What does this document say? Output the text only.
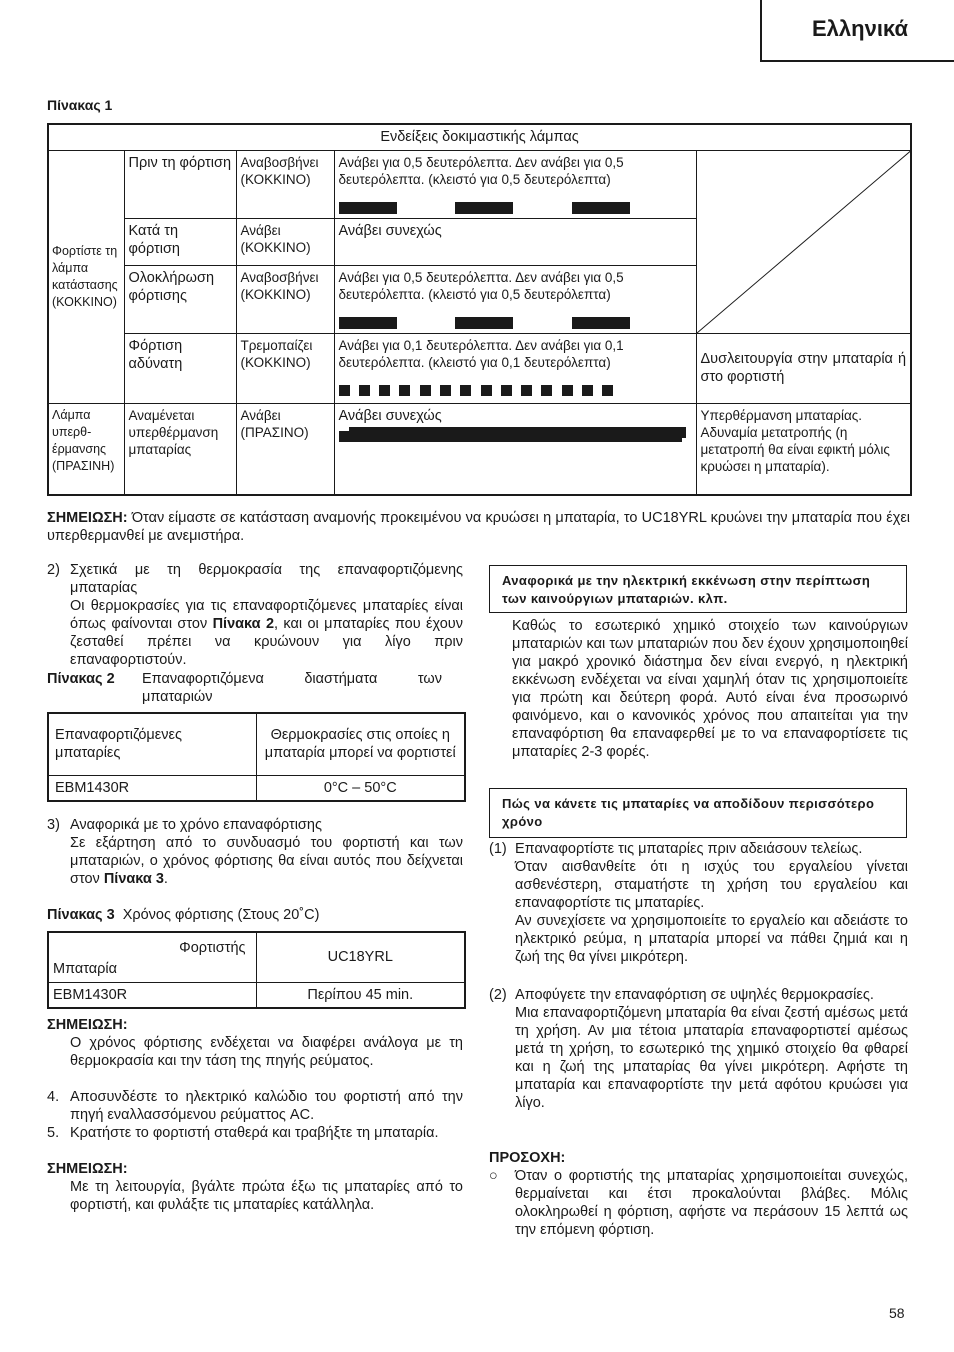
Ελληνικά
Πίνακας 1
Ενδείξεις δοκιμαστικής λάμπας				
Φορτίστε τη λάμπα κατάστασης (ΚΟΚΚΙΝΟ)	Πριν τη φόρτιση	Αναβοσβήνει (ΚΟΚΚΙΝΟ)	Ανάβει για 0,5 δευτερόλεπτα. Δεν ανάβει για 0,5 δευτερόλεπτα. (κλειστό για 0,5 δευτερόλεπτα)

	Κατά τη φόρτιση	Ανάβει (ΚΟΚΚΙΝΟ)	Ανάβει συνεχώς	

	Ολοκλήρωση φόρτισης	Αναβοσβήνει (ΚΟΚΚΙΝΟ)	Ανάβει για 0,5 δευτερόλεπτα. Δεν ανάβει για 0,5 δευτερόλεπτα. (κλειστό για 0,5 δευτερόλεπτα)	

	Φόρτιση αδύνατη	Τρεμοπαίζει (ΚΟΚΚΙΝΟ)	Ανάβει για 0,1 δευτερόλεπτα. Δεν ανάβει για 0,1 δευτερόλεπτα. (κλειστό για 0,1 δευτερόλεπτα)	Δυσλειτουργία στην μπαταρία ή στο φορτιστή
Λάμπα υπερθ-έρμανσης (ΠΡΑΣΙΝΗ)	Αναμένεται υπερθέρμανση μπαταρίας	Ανάβει (ΠΡΑΣΙΝΟ)	Ανάβει συνεχώς	Υπερθέρμανση μπαταρίας. Αδυναμία μετατροπής (η μετατροπή θα είναι εφικτή μόλις κρυώσει η μπαταρία).
ΣΗΜΕΙΩΣΗ: Όταν είμαστε σε κατάσταση αναμονής προκειμένου να κρυώσει η μπαταρία, το UC18YRL κρυώνει την μπαταρία που έχει υπερθερμανθεί με ανεμιστήρα.
2) Σχετικά με τη θερμοκρασία της επαναφορτιζόμενης μπαταρίας
Οι θερμοκρασίες για τις επαναφορτιζόμενες μπαταρίες είναι όπως φαίνονται στον Πίνακα 2, και οι μπαταρίες που έχουν ζεσταθεί πρέπει να κρυώνουν για λίγο πριν επαναφορτιστούν.
Πίνακας 2 Επαναφορτιζόμενα διαστήματα των μπαταριών
Επαναφορτιζόμενες μπαταρίες	Θερμοκρασίες στις οποίες η μπαταρία μπορεί να φορτιστεί
EBM1430R	0°C – 50°C
3) Αναφορικά με το χρόνο επαναφόρτισης
Σε εξάρτηση από το συνδυασμό του φορτιστή και των μπαταριών, ο χρόνος φόρτισης θα είναι αυτός που δείχνεται στον Πίνακα 3.
Πίνακας 3 Χρόνος φόρτισης (Στους 20˚C)
Φορτιστής
Μπαταρία	UC18YRL
EBM1430R	Περίπου 45 min.
ΣΗΜΕΙΩΣΗ:
Ο χρόνος φόρτισης ενδέχεται να διαφέρει ανάλογα με τη θερμοκρασία και την τάση της πηγής ρεύματος.
4. Αποσυνδέστε το ηλεκτρικό καλώδιο του φορτιστή από την πηγή εναλλασσόμενου ρεύματτος AC.
5. Κρατήστε το φορτιστή σταθερά και τραβήξτε τη μπαταρία.
ΣΗΜΕΙΩΣΗ:
Με τη λειτουργία, βγάλτε πρώτα έξω τις μπαταρίες από το φορτιστή, και φυλάξτε τις μπαταρίες κατάλληλα.
Αναφορικά με την ηλεκτρική εκκένωση στην περίπτωση των καινούργιων μπαταριών. κλπ.
Καθώς το εσωτερικό χημικό στοιχείο των καινούργιων μπαταριών και των μπαταριών που δεν έχουν χρησιμοποιηθεί για μακρό χρονικό διάστημα δεν είναι ενεργό, η ηλεκτρική εκκένωση ενδέχεται να είναι χαμηλή όταν τις χρησιμοποιείτε για πρώτη και δεύτερη φορά. Αυτό είναι ένα προσωρινό φαινόμενο, και ο κανονικός χρόνος που απαιτείται για την επαναφόρτιση θα επαναφερθεί με το να επαναφορτίσετε τις μπαταρίες 2-3 φορές.
Πώς να κάνετε τις μπαταρίες να αποδίδουν περισσότερο χρόνο
(1) Επαναφορτίστε τις μπαταρίες πριν αδειάσουν τελείως.
Όταν αισθανθείτε ότι η ισχύς του εργαλείου γίνεται ασθενέστερη, σταματήστε τη χρήση του εργαλείου και επαναφορτίστε τις μπαταρίες.
Αν συνεχίσετε να χρησιμοποιείτε το εργαλείο και αδειάστε το ηλεκτρικό ρεύμα, η μπαταρία μπορεί να πάθει ζημιά και η ζωή της θα γίνει μικρότερη.
(2) Αποφύγετε την επαναφόρτιση σε υψηλές θερμοκρασίες.
Μια επαναφορτιζόμενη μπαταρία θα είναι ζεστή αμέσως μετά τη χρήση. Αν μια τέτοια μπαταρία επαναφορτιστεί αμέσως μετά τη χρήση, το εσωτερικό της χημικό στοιχείο θα φθαρεί και η ζωή της μπαταρίας θα γίνει μικρότερη. Αφήστε τη μπαταρία και επαναφορτίστε την μετά αφότου κρυώσει για λίγο.
ΠΡΟΣΟΧΗ:
○ Όταν ο φορτιστής της μπαταρίας χρησιμοποιείται συνεχώς, θερμαίνεται και έτσι προκαλούνται βλάβες. Μόλις ολοκληρωθεί η φόρτιση, αφήστε να περάσουν 15 λεπτά ως την επόμενη φόρτιση.
58
